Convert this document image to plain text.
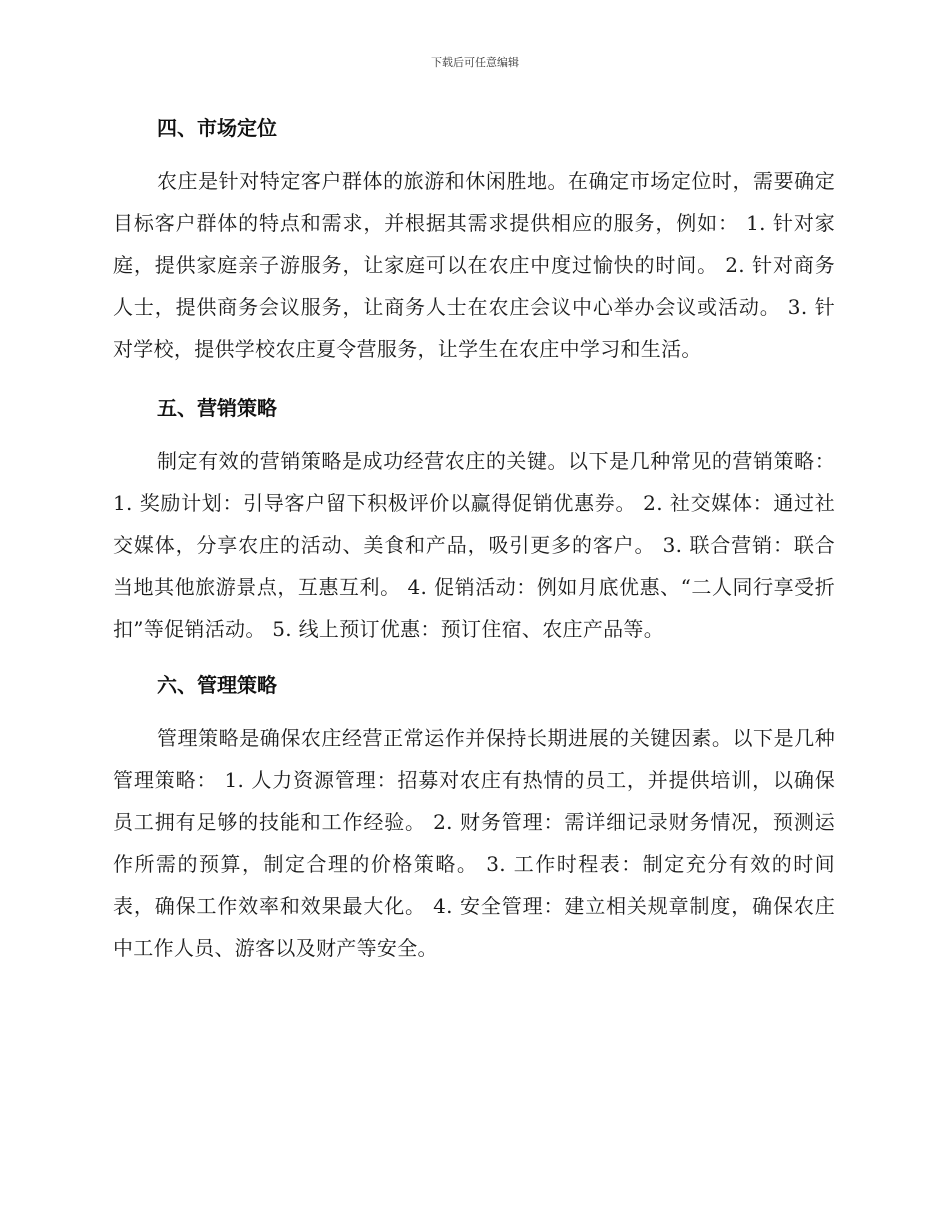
下载后可任意编辑
四、市场定位

农庄是针对特定客户群体的旅游和休闲胜地。在确定市场定位时，需要确定目标客户群体的特点和需求，并根据其需求提供相应的服务，例如： 1. 针对家庭，提供家庭亲子游服务，让家庭可以在农庄中度过愉快的时间。 2. 针对商务人士，提供商务会议服务，让商务人士在农庄会议中心举办会议或活动。 3. 针对学校，提供学校农庄夏令营服务，让学生在农庄中学习和生活。

五、营销策略

制定有效的营销策略是成功经营农庄的关键。以下是几种常见的营销策略： 1. 奖励计划：引导客户留下积极评价以赢得促销优惠券。 2. 社交媒体：通过社交媒体，分享农庄的活动、美食和产品，吸引更多的客户。 3. 联合营销：联合当地其他旅游景点，互惠互利。 4. 促销活动：例如月底优惠、“二人同行享受折扣”等促销活动。 5. 线上预订优惠：预订住宿、农庄产品等。

六、管理策略

管理策略是确保农庄经营正常运作并保持长期进展的关键因素。以下是几种管理策略： 1. 人力资源管理：招募对农庄有热情的员工，并提供培训，以确保员工拥有足够的技能和工作经验。 2. 财务管理：需详细记录财务情况，预测运作所需的预算，制定合理的价格策略。 3. 工作时程表：制定充分有效的时间表，确保工作效率和效果最大化。 4. 安全管理：建立相关规章制度，确保农庄中工作人员、游客以及财产等安全。
